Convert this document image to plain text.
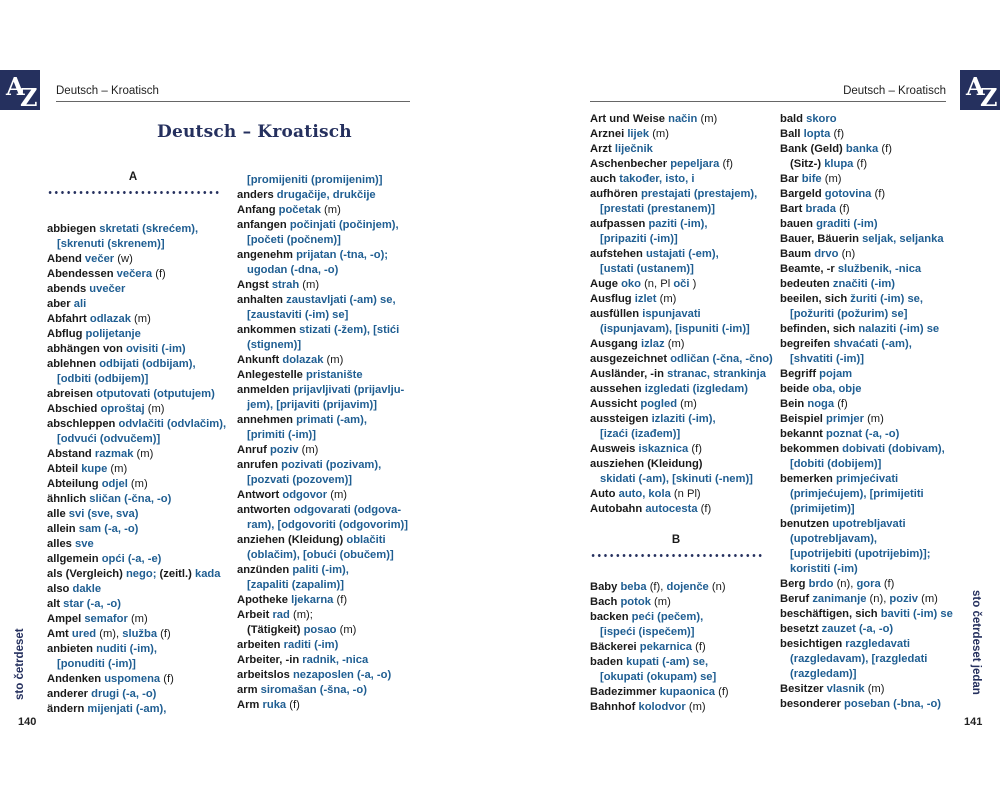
A
Z Deutsch – Kroatisch
Deutsch – Kroatisch
A
abbiegen skretati (skrećem),
[skrenuti (skrenem)]
Abend večer (w)
Abendessen večera (f)
abends uvečer
aber ali
Abfahrt odlazak (m)
Abflug polijetanje
abhängen von ovisiti (-im)
ablehnen odbijati (odbijam),
[odbiti (odbijem)]
abreisen otputovati (otputujem)
Abschied oproštaj (m)
abschleppen odvlačiti (odvlačim),
[odvući (odvučem)]
Abstand razmak (m)
Abteil kupe (m)
Abteilung odjel (m)
ähnlich sličan (-čna, -o)
alle svi (sve, sva)
allein sam (-a, -o)
alles sve
allgemein opći (-a, -e)
als (Vergleich) nego; (zeitl.) kada
also dakle
alt star (-a, -o)
Ampel semafor (m)
Amt ured (m), služba (f)
anbieten nuditi (-im),
[ponuditi (-im)]
Andenken uspomena (f)
anderer drugi (-a, -o)
ändern mijenjati (-am),
[promijeniti (promijenim)]
anders drugačije, drukčije
Anfang početak (m)
anfangen počinjati (počinjem),
[početi (počnem)]
angenehm prijatan (-tna, -o);
ugodan (-dna, -o)
Angst strah (m)
anhalten zaustavljati (-am) se,
[zaustaviti (-im) se]
ankommen stizati (-žem), [stići
(stignem)]
Ankunft dolazak (m)
Anlegestelle pristanište
anmelden prijavljivati (prijavlju-
jem), [prijaviti (prijavim)]
annehmen primati (-am),
[primiti (-im)]
Anruf poziv (m)
anrufen pozivati (pozivam),
[pozvati (pozovem)]
Antwort odgovor (m)
antworten odgovarati (odgova-
ram), [odgovoriti (odgovorim)]
anziehen (Kleidung) oblačiti
(oblačim), [obući (obučem)]
anzünden paliti (-im),
[zapaliti (zapalim)]
Apotheke ljekarna (f)
Arbeit rad (m);
(Tätigkeit) posao (m)
arbeiten raditi (-im)
Arbeiter, -in radnik, -nica
arbeitslos nezaposlen (-a, -o)
arm siromašan (-šna, -o)
Arm ruka (f)
sto četrdeset
140
A
Z
Deutsch – Kroatisch
Art und Weise način (m)
Arznei lijek (m)
Arzt liječnik
Aschenbecher pepeljara (f)
auch također, isto, i
aufhören prestajati (prestajem),
[prestati (prestanem)]
aufpassen paziti (-im),
[pripaziti (-im)]
aufstehen ustajati (-em),
[ustati (ustanem)]
Auge oko (n, Pl oči )
Ausflug izlet (m)
ausfüllen ispunjavati
(ispunjavam), [ispuniti (-im)]
Ausgang izlaz (m)
ausgezeichnet odličan (-čna, -čno)
Ausländer, -in stranac, strankinja
aussehen izgledati (izgledam)
Aussicht pogled (m)
aussteigen izlaziti (-im),
[izaći (izađem)]
Ausweis iskaznica (f)
ausziehen (Kleidung)
skidati (-am), [skinuti (-nem)]
Auto auto, kola (n Pl)
Autobahn autocesta (f)
B
Baby beba (f), dojenče (n)
Bach potok (m)
backen peći (pečem),
[ispeći (ispečem)]
Bäckerei pekarnica (f)
baden kupati (-am) se,
[okupati (okupam) se]
Badezimmer kupaonica (f)
Bahnhof kolodvor (m)
bald skoro
Ball lopta (f)
Bank (Geld) banka (f)
(Sitz-) klupa (f)
Bar bife (m)
Bargeld gotovina (f)
Bart brada (f)
bauen graditi (-im)
Bauer, Bäuerin seljak, seljanka
Baum drvo (n)
Beamte, -r službenik, -nica
bedeuten značiti (-im)
beeilen, sich žuriti (-im) se,
[požuriti (požurim) se]
befinden, sich nalaziti (-im) se
begreifen shvaćati (-am),
[shvatiti (-im)]
Begriff pojam
beide oba, obje
Bein noga (f)
Beispiel primjer (m)
bekannt poznat (-a, -o)
bekommen dobivati (dobivam),
[dobiti (dobijem)]
bemerken primjećivati
(primjećujem), [primijetiti
(primijetim)]
benutzen upotrebljavati
(upotrebljavam),
[upotrijebiti (upotrijebim)];
koristiti (-im)
Berg brdo (n), gora (f)
Beruf zanimanje (n), poziv (m)
beschäftigen, sich baviti (-im) se
besetzt zauzet (-a, -o)
besichtigen razgledavati
(razgledavam), [razgledati
(razgledam)]
Besitzer vlasnik (m)
besonderer poseban (-bna, -o)
sto četrdeset jedan
141
